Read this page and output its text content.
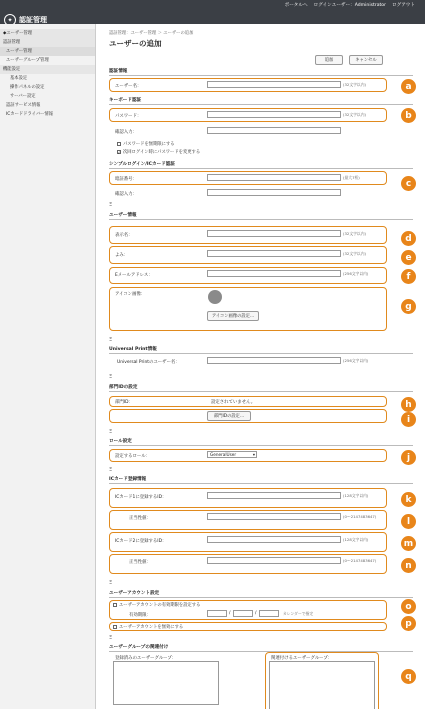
ポータルへ ログインユーザー：Administrator ログアウト
✦ 認証管理
◆ユーザー管理
認証管理
ユーザー管理
ユーザーグループ管理
機能設定
基本設定
操作パネルの設定
サーバー設定
認証サービス情報
ICカードドライバー情報
認証管理：ユーザー管理 ＞ ユーザーの追加
ユーザーの追加
追加	キャンセル
認証情報
ユーザー名：	(32文字以内)
キーボード認証
パスワード：	(32文字以内)
確認入力：
パスワードを無期限にする
✓ 次回ログイン時にパスワードを変更する
シンプルログイン/ICカード認証
暗証番号：	(最大7桁)
確認入力：
Ξ
ユーザー情報
表示名：	(32文字以内)
よみ：	(32文字以内)
Eメールアドレス：	(256文字以内)
アイコン画像：
アイコン画像の設定...
Ξ
Universal Print情報
Universal Printのユーザー名：	(256文字以内)
Ξ
部門IDの設定
部門ID：	設定されていません。
部門IDの設定...
Ξ
ロール設定
設定するロール：	GeneralUser	▾
Ξ
ICカード登録情報
ICカード1に登録するID：	(128文字以内)
正当性値：	(0～2147483647)
ICカード2に登録するID：	(128文字以内)
正当性値：	(0～2147483647)
Ξ
ユーザーアカウント設定
ユーザーアカウントの有効期限を設定する
有効期限：	/	/	カレンダーで指定
ユーザーアカウントを無効にする
Ξ
ユーザーグループの関連付け
登録済みのユーザーグループ：	関連付けるユーザーグループ：
a
b
c
d
e
f
g
h
i
j
k
l
m
n
o
p
q
